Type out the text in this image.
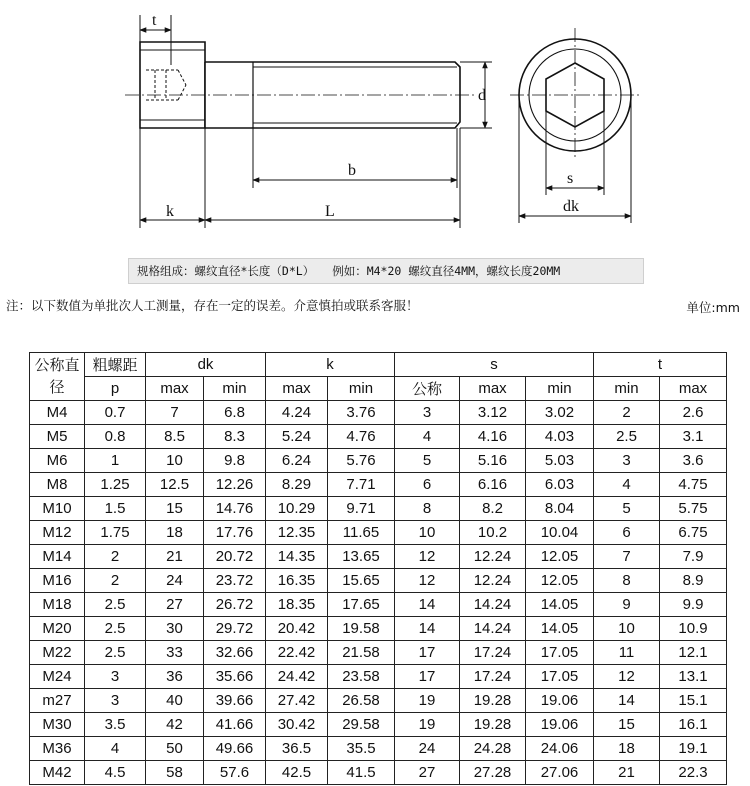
t
d
b
k	L
s
dk
规格组成：螺纹直径*长度（D*L） 例如：M4*20 螺纹直径4MM，螺纹长度20MM
注：以下数值为单批次人工测量，存在一定的误差。介意慎拍或联系客服！	单位:mm
公称直径	粗螺距	dk		k		s			t	
	p	max	min	max	min	公称	max	min	min	max
M4	0.7	7	6.8	4.24	3.76	3	3.12	3.02	2	2.6
M5	0.8	8.5	8.3	5.24	4.76	4	4.16	4.03	2.5	3.1
M6	1	10	9.8	6.24	5.76	5	5.16	5.03	3	3.6
M8	1.25	12.5	12.26	8.29	7.71	6	6.16	6.03	4	4.75
M10	1.5	15	14.76	10.29	9.71	8	8.2	8.04	5	5.75
M12	1.75	18	17.76	12.35	11.65	10	10.2	10.04	6	6.75
M14	2	21	20.72	14.35	13.65	12	12.24	12.05	7	7.9
M16	2	24	23.72	16.35	15.65	12	12.24	12.05	8	8.9
M18	2.5	27	26.72	18.35	17.65	14	14.24	14.05	9	9.9
M20	2.5	30	29.72	20.42	19.58	14	14.24	14.05	10	10.9
M22	2.5	33	32.66	22.42	21.58	17	17.24	17.05	11	12.1
M24	3	36	35.66	24.42	23.58	17	17.24	17.05	12	13.1
m27	3	40	39.66	27.42	26.58	19	19.28	19.06	14	15.1
M30	3.5	42	41.66	30.42	29.58	19	19.28	19.06	15	16.1
M36	4	50	49.66	36.5	35.5	24	24.28	24.06	18	19.1
M42	4.5	58	57.6	42.5	41.5	27	27.28	27.06	21	22.3
